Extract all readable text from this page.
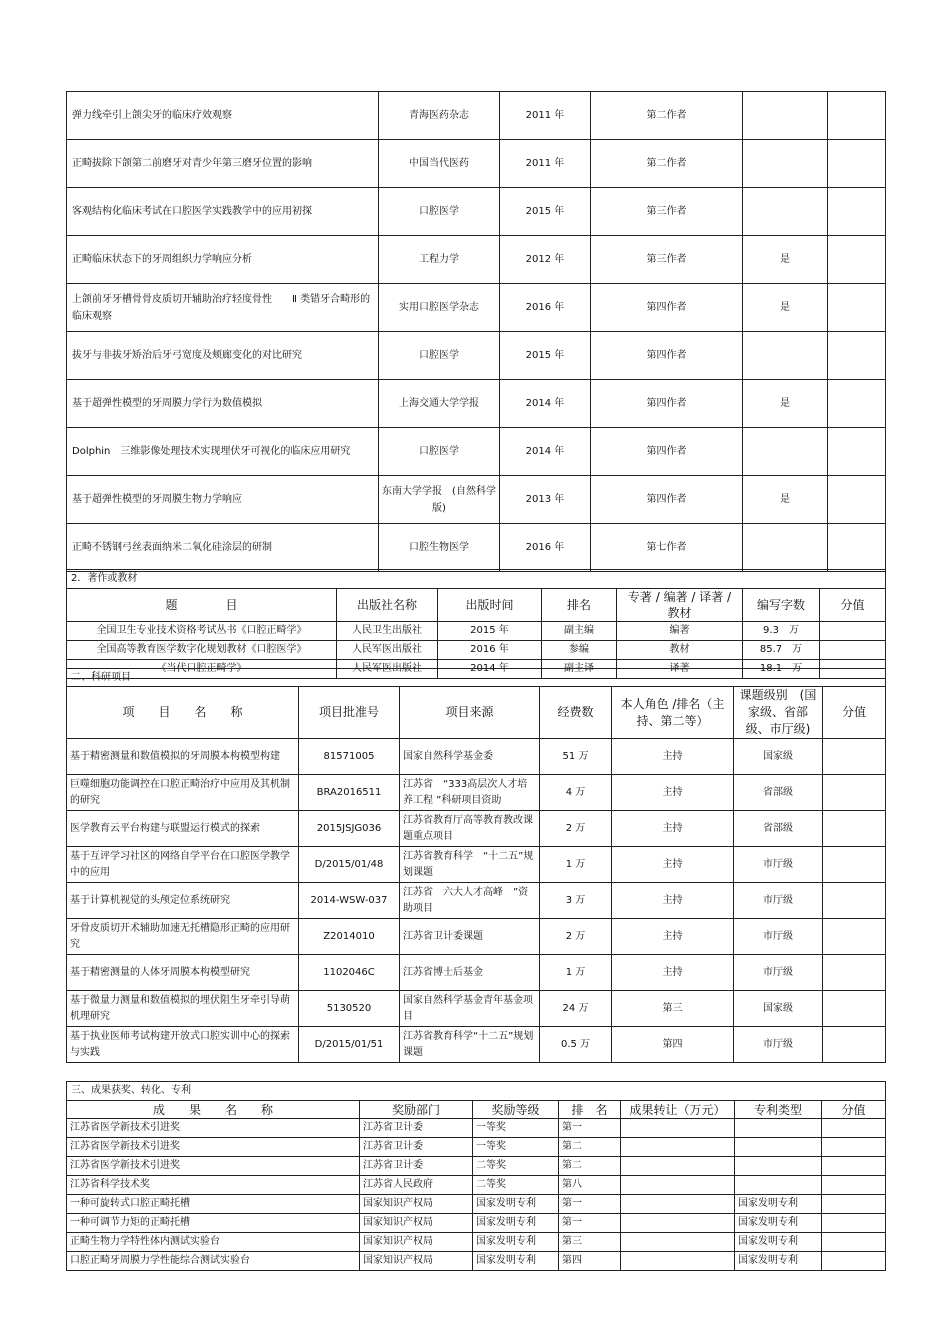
弹力线牵引上颌尖牙的临床疗效观察	青海医药杂志	2011 年	第二作者		
正畸拔除下颌第二前磨牙对青少年第三磨牙位置的影响	中国当代医药	2011 年	第二作者		
客观结构化临床考试在口腔医学实践教学中的应用初探	口腔医学	2015 年	第三作者		
正畸临床状态下的牙周组织力学响应分析	工程力学	2012 年	第三作者	是	
上颌前牙牙槽骨骨皮质切开辅助治疗轻度骨性　　Ⅱ 类错牙合畸形的临床观察	实用口腔医学杂志	2016 年	第四作者	是	
拔牙与非拔牙矫治后牙弓宽度及颊廊变化的对比研究	口腔医学	2015 年	第四作者		
基于超弹性模型的牙周膜力学行为数值模拟	上海交通大学学报	2014 年	第四作者	是	
Dolphin　三维影像处理技术实现埋伏牙可视化的临床应用研究	口腔医学	2014 年	第四作者		
基于超弹性模型的牙周膜生物力学响应	东南大学学报　(自然科学版)	2013 年	第四作者	是	
正畸不锈钢弓丝表面纳米二氧化硅涂层的研制	口腔生物医学	2016 年	第七作者		
2．著作或教材						
题　　　　目	出版社名称	出版时间	排名	专著 / 编著 / 译著 / 教材	编写字数	分值
全国卫生专业技术资格考试丛书《口腔正畸学》	人民卫生出版社	2015 年	副主编	编著	9.3　万	
全国高等教育医学数字化规划教材《口腔医学》	人民军医出版社	2016 年	参编	教材	85.7　万	
《当代口腔正畸学》	人民军医出版社	2014 年	副主译	译著	18.1　万	
二、科研项目						
项　　目　　名　　称	项目批准号	项目来源	经费数	本人角色 /排名（主持、第二等）	课题级别　(国家级、省部级、市厅级)	分值
基于精密测量和数值模拟的牙周膜本构模型构建	81571005	国家自然科学基金委	51 万	主持	国家级	
巨噬细胞功能调控在口腔正畸治疗中应用及其机制的研究	BRA2016511	江苏省　“333高层次人才培养工程 ”科研项目资助	4 万	主持	省部级	
医学教育云平台构建与联盟运行模式的探索	2015JSJG036	江苏省教育厅高等教育教改课题重点项目	2 万	主持	省部级	
基于互评学习社区的网络自学平台在口腔医学教学中的应用	D/2015/01/48	江苏省教育科学　“十二五”规划课题	1 万	主持	市厅级	
基于计算机视觉的头颅定位系统研究	2014-WSW-037	江苏省　六大人才高峰　”资助项目	3 万	主持	市厅级	
牙骨皮质切开术辅助加速无托槽隐形正畸的应用研究	Z2014010	江苏省卫计委课题	2 万	主持	市厅级	
基于精密测量的人体牙周膜本构模型研究	1102046C	江苏省博士后基金	1 万	主持	市厅级	
基于微量力测量和数值模拟的埋伏阻生牙牵引导萌机理研究	5130520	国家自然科学基金青年基金项目	24 万	第三	国家级	
基于执业医师考试构建开放式口腔实训中心的探索与实践	D/2015/01/51	江苏省教育科学“十二五”规划课题	0.5 万	第四	市厅级	
三、成果获奖、转化、专利						
成　　果　　名　　称	奖励部门	奖励等级	排　名	成果转让（万元）	专利类型	分值
江苏省医学新技术引进奖	江苏省卫计委	一等奖	第一			
江苏省医学新技术引进奖	江苏省卫计委	一等奖	第二			
江苏省医学新技术引进奖	江苏省卫计委	二等奖	第二			
江苏省科学技术奖	江苏省人民政府	二等奖	第八			
一种可旋转式口腔正畸托槽	国家知识产权局	国家发明专利	第一		国家发明专利	
一种可调节力矩的正畸托槽	国家知识产权局	国家发明专利	第一		国家发明专利	
正畸生物力学特性体内测试实验台	国家知识产权局	国家发明专利	第三		国家发明专利	
口腔正畸牙周膜力学性能综合测试实验台	国家知识产权局	国家发明专利	第四		国家发明专利	
